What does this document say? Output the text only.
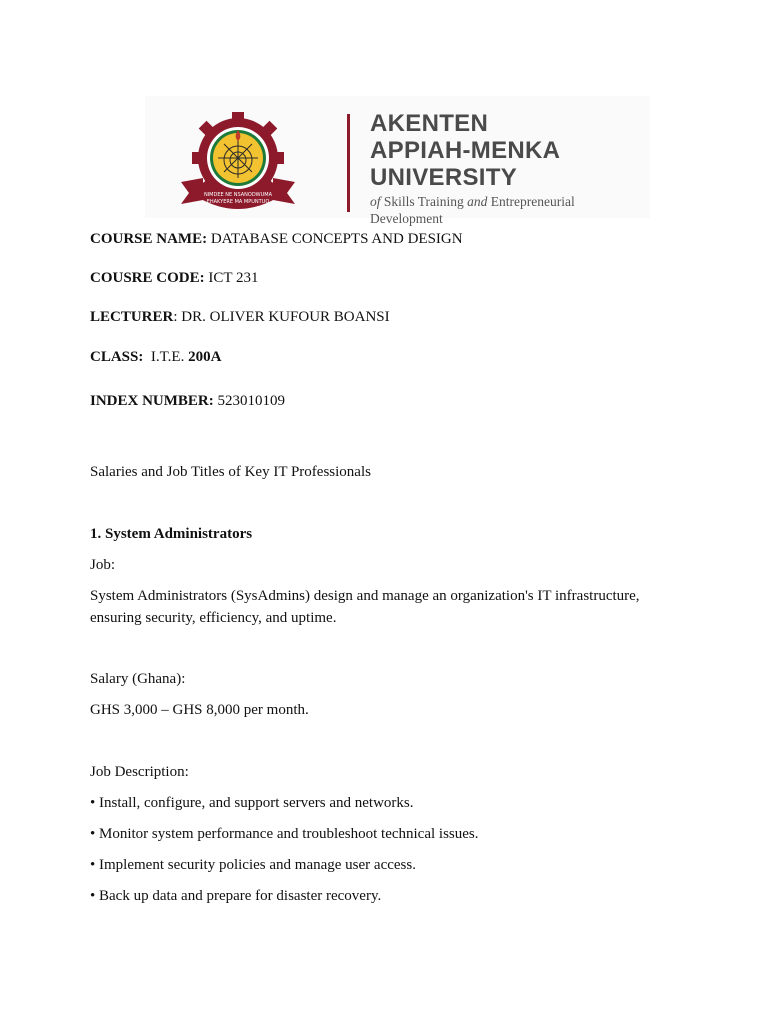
NIMDEE NE NSANODWUMA
EHAKYERE MA MPUNTUO
AKENTEN
APPIAH-MENKA
UNIVERSITY
of Skills Training and Entrepreneurial
Development
COURSE NAME: DATABASE CONCEPTS AND DESIGN
COUSRE CODE: ICT 231
LECTURER: DR. OLIVER KUFOUR BOANSI
CLASS:  I.T.E. 200A
INDEX NUMBER: 523010109
Salaries and Job Titles of Key IT Professionals
1. System Administrators
Job:
System Administrators (SysAdmins) design and manage an organization's IT infrastructure, ensuring security, efficiency, and uptime.
Salary (Ghana):
GHS 3,000 – GHS 8,000 per month.
Job Description:
• Install, configure, and support servers and networks.
• Monitor system performance and troubleshoot technical issues.
• Implement security policies and manage user access.
• Back up data and prepare for disaster recovery.
